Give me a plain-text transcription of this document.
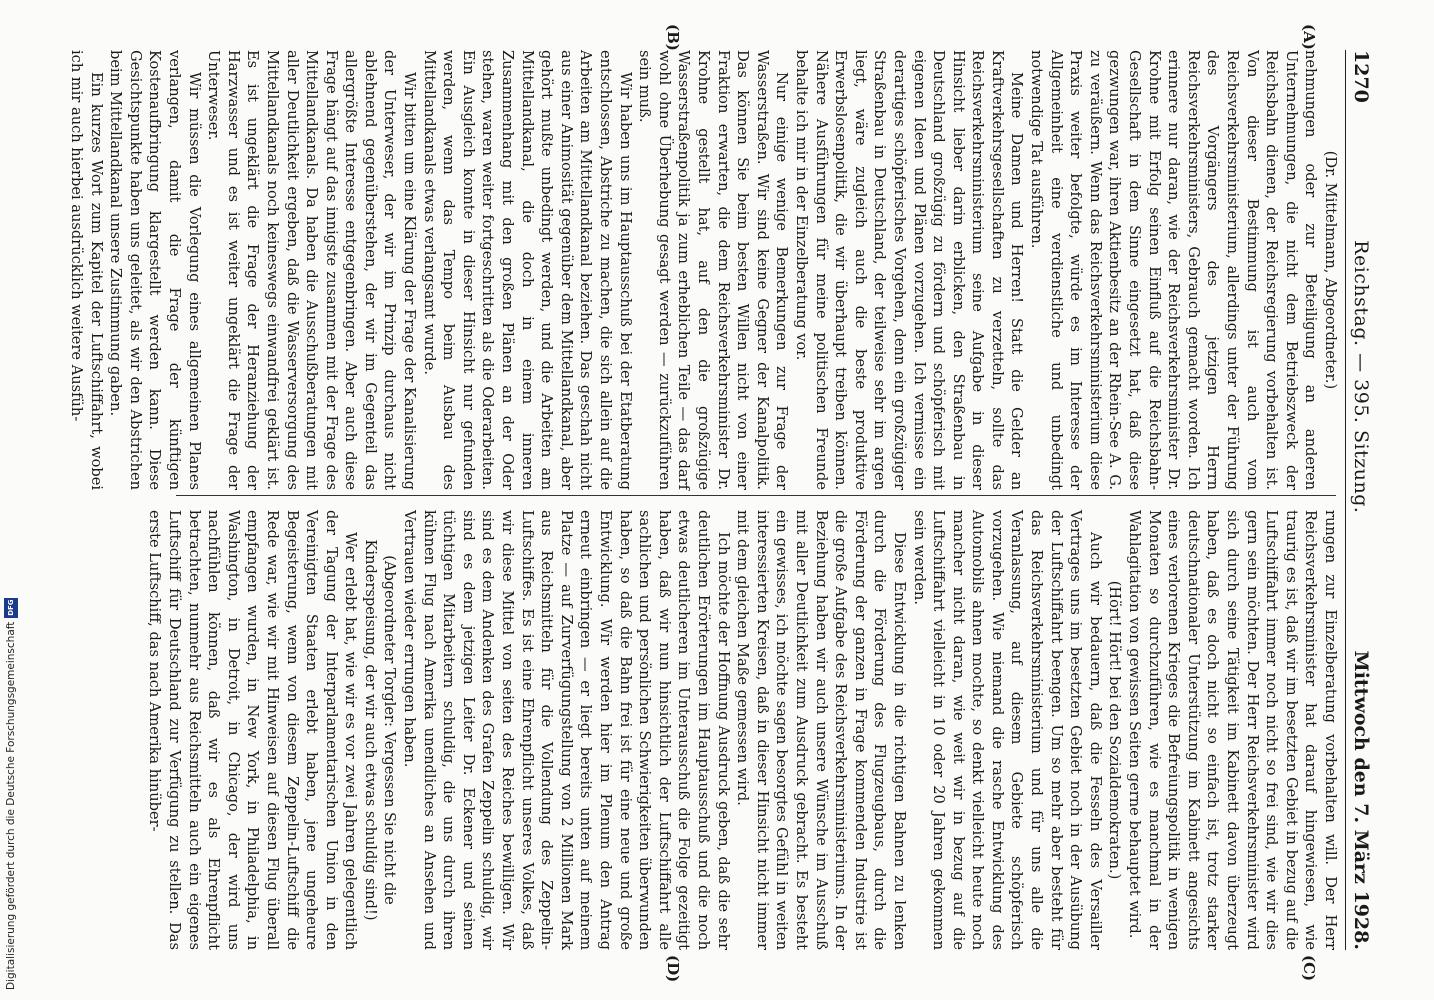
1270
Reichstag. — 395. Sitzung.
Mittwoch den 7. März 1928.
(A)
(B)
(C)
(D)

(Dr. Mittelmann, Abgeordneter.)

nehmungen oder zur Beteiligung an anderen Unternehmungen, die nicht dem Betriebszweck der Reichsbahn dienen, der Reichsregierung vorbehalten ist. Von dieser Bestimmung ist auch vom Reichsverkehrsministerium, allerdings unter der Führung des Vorgängers des jetzigen Herrn Reichsverkehrsministers, Gebrauch gemacht worden. Ich erinnere nur daran, wie der Reichsverkehrsminister Dr. Krohne mit Erfolg seinen Einfluß auf die Reichsbahn-Gesellschaft in dem Sinne eingesetzt hat, daß diese gezwungen war, ihren Aktienbesitz an der Rhein-See A. G. zu veräußern. Wenn das Reichsverkehrsministerium diese Praxis weiter befolgte, würde es im Interesse der Allgemeinheit eine verdienstliche und unbedingt notwendige Tat ausführen.

Meine Damen und Herren! Statt die Gelder an Kraftverkehrsgesellschaften zu verzetteln, sollte das Reichsverkehrsministerium seine Aufgabe in dieser Hinsicht lieber darin erblicken, den Straßenbau in Deutschland großzügig zu fördern und schöpferisch mit eigenen Ideen und Plänen vorzugehen. Ich vermisse ein derartiges schöpferisches Vorgehen, denn ein großzügiger Straßenbau in Deutschland, der teilweise sehr im argen liegt, wäre zugleich auch die beste produktive Erwerbslosenpolitik, die wir überhaupt treiben können. Nähere Ausführungen für meine politischen Freunde behalte ich mir in der Einzelberatung vor.

Nur einige wenige Bemerkungen zur Frage der Wasserstraßen. Wir sind keine Gegner der Kanalpolitik. Das können Sie beim besten Willen nicht von einer Fraktion erwarten, die dem Reichsverkehrsminister Dr. Krohne gestellt hat, auf den die großzügige Wasserstraßenpolitik ja zum erheblichen Teile — das darf wohl ohne Überhebung gesagt werden — zurückzuführen sein muß.

Wir haben uns im Hauptausschuß bei der Etatberatung entschlossen, Abstriche zu machen, die sich allein auf die Arbeiten am Mittellandkanal beziehen. Das geschah nicht aus einer Animosität gegenüber dem Mittellandkanal, aber gehört mußte unbedingt werden, und die Arbeiten am Mittellandkanal, die doch in einem inneren Zusammenhang mit den großen Plänen an der Oder stehen, waren weiter fortgeschritten als die Oderarbeiten. Ein Ausgleich konnte in dieser Hinsicht nur gefunden werden, wenn das Tempo beim Ausbau des Mittellandkanals etwas verlangsamt wurde.

Wir bitten um eine Klärung der Frage der Kanalisierung der Unterweser, der wir im Prinzip durchaus nicht ablehnend gegenüberstehen, der wir im Gegenteil das allergrößte Interesse entgegenbringen. Aber auch diese Frage hängt auf das innigste zusammen mit der Frage des Mittellandkanals. Da haben die Ausschußberatungen mit aller Deutlichkeit ergeben, daß die Wasserversorgung des Mittellandkanals noch keineswegs einwandfrei geklärt ist. Es ist ungeklärt die Frage der Heranziehung der Harzwasser und es ist weiter ungeklärt die Frage der Unterweser.

Wir müssen die Vorlegung eines allgemeinen Planes verlangen, damit die Frage der künftigen Kostenaufbringung klargestellt werden kann. Diese Gesichtspunkte haben uns geleitet, als wir den Abstrichen beim Mittellandkanal unsere Zustimmung gaben.

Ein kurzes Wort zum Kapitel der Luftschiffahrt, wobei ich mir auch hierbei ausdrücklich weitere Ausfüh-

rungen zur Einzelberatung vorbehalten will. Der Herr Reichsverkehrsminister hat darauf hingewiesen, wie traurig es ist, daß wir im besetzten Gebiet in bezug auf die Luftschiffahrt immer noch nicht so frei sind, wie wir dies gern sein möchten. Der Herr Reichsverkehrsminister wird sich durch seine Tätigkeit im Kabinett davon überzeugt haben, daß es doch nicht so einfach ist, trotz starker deutschnationaler Unterstützung im Kabinett angesichts eines verlorenen Krieges die Befreiungspolitik in wenigen Monaten so durchzuführen, wie es manchmal in der Wahlagitation von gewissen Seiten gerne behauptet wird.

(Hört! Hört! bei den Sozialdemokraten.)

Auch wir bedauern, daß die Fesseln des Versailler Vertrages uns im besetzten Gebiet noch in der Ausübung der Luftschiffahrt beengen. Um so mehr aber besteht für das Reichsverkehrsministerium und für uns alle die Veranlassung, auf diesem Gebiete schöpferisch vorzugehen. Wie niemand die rasche Entwicklung des Automobils ahnen mochte, so denkt vielleicht heute noch mancher nicht daran, wie weit wir in bezug auf die Luftschiffahrt vielleicht in 10 oder 20 Jahren gekommen sein werden.

Diese Entwicklung in die richtigen Bahnen zu lenken durch die Förderung des Flugzeugbaus, durch die Förderung der ganzen in Frage kommenden Industrie ist die große Aufgabe des Reichsverkehrsministeriums. In der Beziehung haben wir auch unsere Wünsche im Ausschuß mit aller Deutlichkeit zum Ausdruck gebracht. Es besteht ein gewisses, ich möchte sagen besorgtes Gefühl in weiten interessierten Kreisen, daß in dieser Hinsicht nicht immer mit dem gleichen Maße gemessen wird.

Ich möchte der Hoffnung Ausdruck geben, daß die sehr deutlichen Erörterungen im Hauptausschuß und die noch etwas deutlicheren im Unterausschuß die Folge gezeitigt haben, daß wir nun hinsichtlich der Luftschiffahrt alle sachlichen und persönlichen Schwierigkeiten überwunden haben, so daß die Bahn frei ist für eine neue und große Entwicklung. Wir werden hier im Plenum den Antrag erneut einbringen — er liegt bereits unten auf meinem Platze — auf Zurverfügungstellung von 2 Millionen Mark aus Reichsmitteln für die Vollendung des Zeppelin-Luftschiffes. Es ist eine Ehrenpflicht unseres Volkes, daß wir diese Mittel von seiten des Reiches bewilligen. Wir sind es dem Andenken des Grafen Zeppelin schuldig, wir sind es dem jetzigen Leiter Dr. Eckener und seinen tüchtigen Mitarbeitern schuldig, die uns durch ihren kühnen Flug nach Amerika unendliches an Ansehen und Vertrauen wieder errungen haben.

(Abgeordneter Torgler: Vergessen Sie nicht die Kinderspeisung, der wir auch etwas schuldig sind!)

Wer erlebt hat, wie wir es vor zwei Jahren gelegentlich der Tagung der Interparlamentarischen Union in den Vereinigten Staaten erlebt haben, jene ungeheure Begeisterung, wenn von diesem Zeppelin-Luftschiff die Rede war, wie wir mit Hinweisen auf diesen Flug überall empfangen wurden, in New York, in Philadelphia, in Washington, in Detroit, in Chicago, der wird uns nachfühlen können, daß wir es als Ehrenpflicht betrachten, nunmehr aus Reichsmitteln auch ein eigenes Luftschiff für Deutschland zur Verfügung zu stellen. Das erste Luftschiff, das nach Amerika hinüber-

Digitalisierung gefördert durch die Deutsche Forschungsgemeinschaft
DFG
